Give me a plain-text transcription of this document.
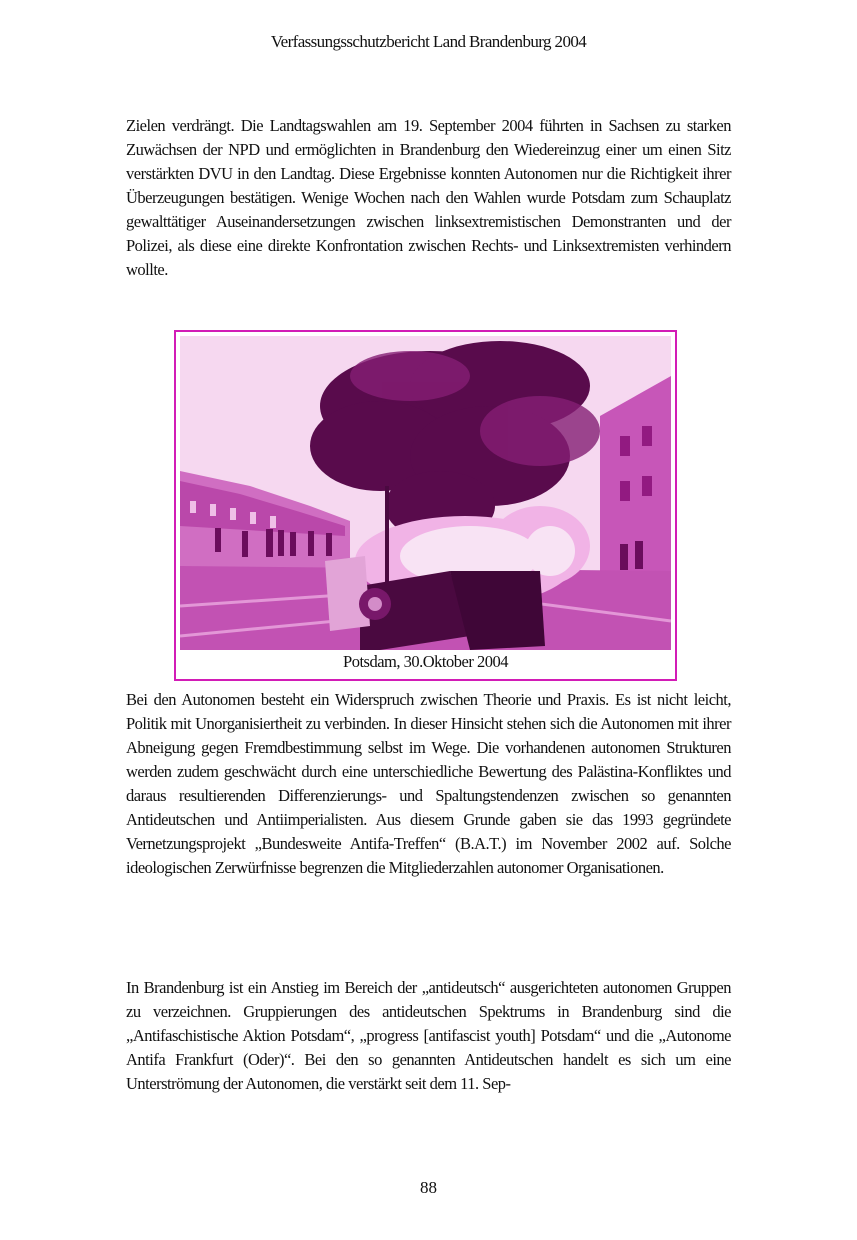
Verfassungsschutzbericht Land Brandenburg 2004

Zielen verdrängt. Die Landtagswahlen am 19. September 2004 führten in Sachsen zu starken Zuwächsen der NPD und ermöglichten in Brandenburg den Wiedereinzug einer um einen Sitz verstärkten DVU in den Landtag. Diese Ergebnisse konnten Autonomen nur die Richtigkeit ihrer Überzeugungen bestätigen. Wenige Wochen nach den Wahlen wurde Potsdam zum Schauplatz gewalttätiger Auseinandersetzungen zwischen linksextremistischen Demonstranten und der Polizei, als diese eine direkte Konfrontation zwischen Rechts- und Linksextremisten verhindern wollte.

Potsdam, 30.Oktober 2004

Bei den Autonomen besteht ein Widerspruch zwischen Theorie und Praxis. Es ist nicht leicht, Politik mit Unorganisiertheit zu verbinden. In dieser Hinsicht stehen sich die Autonomen mit ihrer Abneigung gegen Fremdbestimmung selbst im Wege. Die vorhandenen autonomen Strukturen werden zudem geschwächt durch eine unterschiedliche Bewertung des Palästina-Konfliktes und daraus resultierenden Differenzierungs- und Spaltungstendenzen zwischen so genannten Antideutschen und Antiimperialisten. Aus diesem Grunde gaben sie das 1993 gegründete Vernetzungsprojekt „Bundesweite Antifa-Treffen“ (B.A.T.) im November 2002 auf. Solche ideologischen Zerwürfnisse begrenzen die Mitgliederzahlen autonomer Organisationen.

In Brandenburg ist ein Anstieg im Bereich der „antideutsch“ ausgerichteten autonomen Gruppen zu verzeichnen. Gruppierungen des antideutschen Spektrums in Brandenburg sind die „Antifaschistische Aktion Potsdam“, „progress [antifascist youth] Potsdam“ und die „Autonome Antifa Frankfurt (Oder)“. Bei den so genannten Antideutschen handelt es sich um eine Unterströmung der Autonomen, die verstärkt seit dem 11. Sep-

88
